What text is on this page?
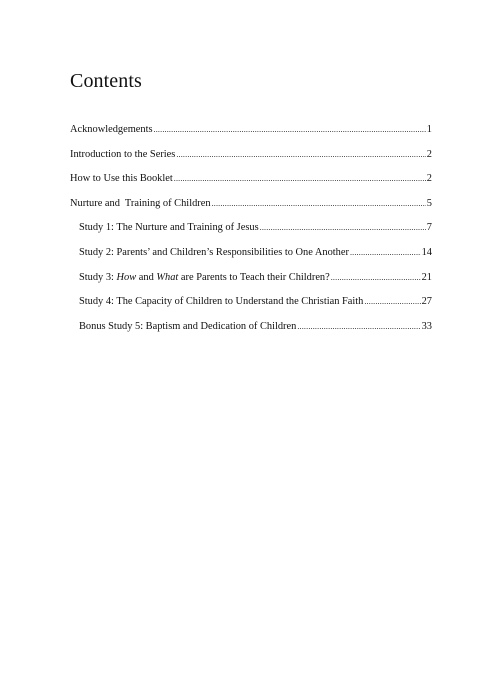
Contents
Acknowledgements .....	1
Introduction to the Series .....	2
How to Use this Booklet .....	2
Nurture and  Training of Children .....	5
Study 1: The Nurture and Training of Jesus .....	7
Study 2: Parents’ and Children’s Responsibilities to One Another .....	14
Study 3: How and What are Parents to Teach their Children? .....	21
Study 4: The Capacity of Children to Understand the Christian Faith .....	27
Bonus Study 5: Baptism and Dedication of Children .....	33
